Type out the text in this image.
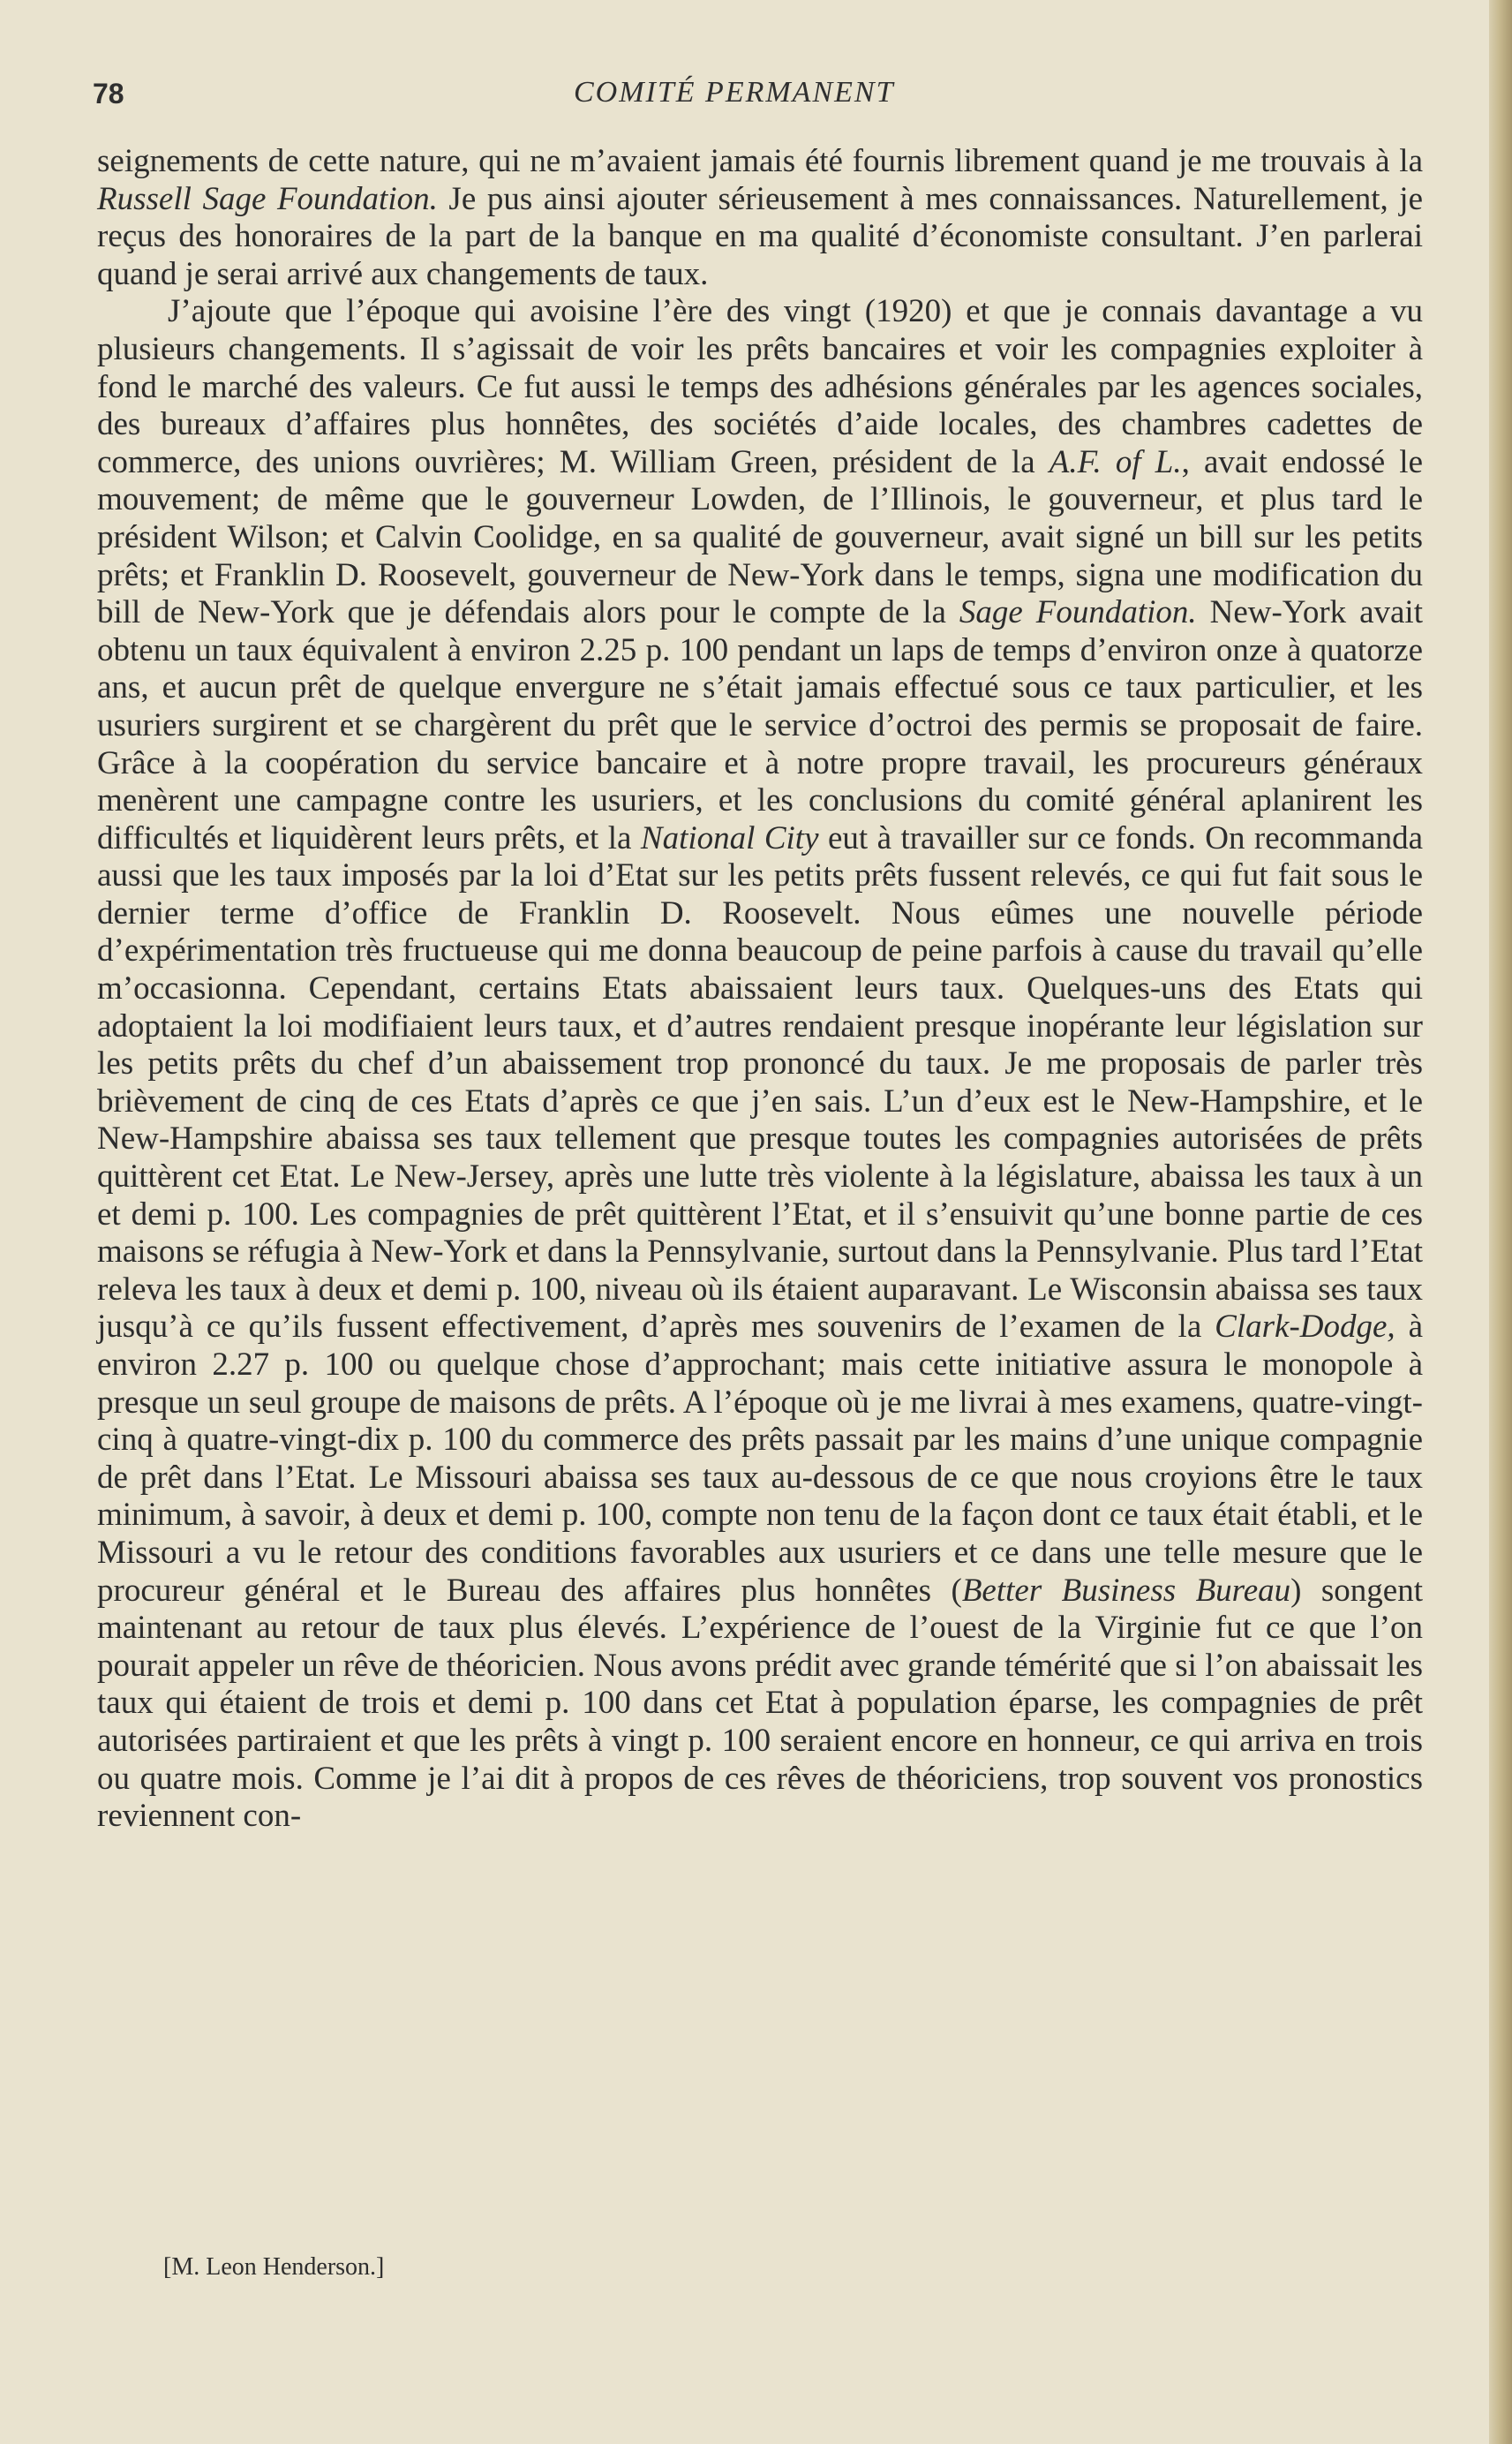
78	COMITÉ PERMANENT

seignements de cette nature, qui ne m’avaient jamais été fournis librement quand je me trouvais à la Russell Sage Foundation. Je pus ainsi ajouter sérieusement à mes connaissances. Naturellement, je reçus des honoraires de la part de la banque en ma qualité d’économiste consultant. J’en parlerai quand je serai arrivé aux changements de taux.

J’ajoute que l’époque qui avoisine l’ère des vingt (1920) et que je connais davantage a vu plusieurs changements. Il s’agissait de voir les prêts bancaires et voir les compagnies exploiter à fond le marché des valeurs. Ce fut aussi le temps des adhésions générales par les agences sociales, des bureaux d’affaires plus honnêtes, des sociétés d’aide locales, des chambres cadettes de commerce, des unions ouvrières; M. William Green, président de la A.F. of L., avait endossé le mouvement; de même que le gouverneur Lowden, de l’Illinois, le gouverneur, et plus tard le président Wilson; et Calvin Coolidge, en sa qualité de gouverneur, avait signé un bill sur les petits prêts; et Franklin D. Roosevelt, gouverneur de New-York dans le temps, signa une modification du bill de New-York que je défendais alors pour le compte de la Sage Foundation. New-York avait obtenu un taux équivalent à environ 2.25 p. 100 pendant un laps de temps d’environ onze à quatorze ans, et aucun prêt de quelque envergure ne s’était jamais effectué sous ce taux particulier, et les usuriers surgirent et se chargèrent du prêt que le service d’octroi des permis se proposait de faire. Grâce à la coopération du service bancaire et à notre propre travail, les procureurs généraux menèrent une campagne contre les usuriers, et les conclusions du comité général aplanirent les difficultés et liquidèrent leurs prêts, et la National City eut à travailler sur ce fonds. On recommanda aussi que les taux imposés par la loi d’Etat sur les petits prêts fussent relevés, ce qui fut fait sous le dernier terme d’office de Franklin D. Roosevelt. Nous eûmes une nouvelle période d’expérimentation très fructueuse qui me donna beaucoup de peine parfois à cause du travail qu’elle m’occasionna. Cependant, certains Etats abaissaient leurs taux. Quelques-uns des Etats qui adoptaient la loi modifiaient leurs taux, et d’autres rendaient presque inopérante leur législation sur les petits prêts du chef d’un abaissement trop prononcé du taux. Je me proposais de parler très brièvement de cinq de ces Etats d’après ce que j’en sais. L’un d’eux est le New-Hampshire, et le New-Hampshire abaissa ses taux tellement que presque toutes les compagnies autorisées de prêts quittèrent cet Etat. Le New-Jersey, après une lutte très violente à la législature, abaissa les taux à un et demi p. 100. Les compagnies de prêt quittèrent l’Etat, et il s’ensuivit qu’une bonne partie de ces maisons se réfugia à New-York et dans la Pennsylvanie, surtout dans la Pennsylvanie. Plus tard l’Etat releva les taux à deux et demi p. 100, niveau où ils étaient auparavant. Le Wisconsin abaissa ses taux jusqu’à ce qu’ils fussent effectivement, d’après mes souvenirs de l’examen de la Clark-Dodge, à environ 2.27 p. 100 ou quelque chose d’approchant; mais cette initiative assura le monopole à presque un seul groupe de maisons de prêts. A l’époque où je me livrai à mes examens, quatre-vingt-cinq à quatre-vingt-dix p. 100 du commerce des prêts passait par les mains d’une unique compagnie de prêt dans l’Etat. Le Missouri abaissa ses taux au-dessous de ce que nous croyions être le taux minimum, à savoir, à deux et demi p. 100, compte non tenu de la façon dont ce taux était établi, et le Missouri a vu le retour des conditions favorables aux usuriers et ce dans une telle mesure que le procureur général et le Bureau des affaires plus honnêtes (Better Business Bureau) songent maintenant au retour de taux plus élevés. L’expérience de l’ouest de la Virginie fut ce que l’on pourait appeler un rêve de théoricien. Nous avons prédit avec grande témérité que si l’on abaissait les taux qui étaient de trois et demi p. 100 dans cet Etat à population éparse, les compagnies de prêt autorisées partiraient et que les prêts à vingt p. 100 seraient encore en honneur, ce qui arriva en trois ou quatre mois. Comme je l’ai dit à propos de ces rêves de théoriciens, trop souvent vos pronostics reviennent con-

[M. Leon Henderson.]
